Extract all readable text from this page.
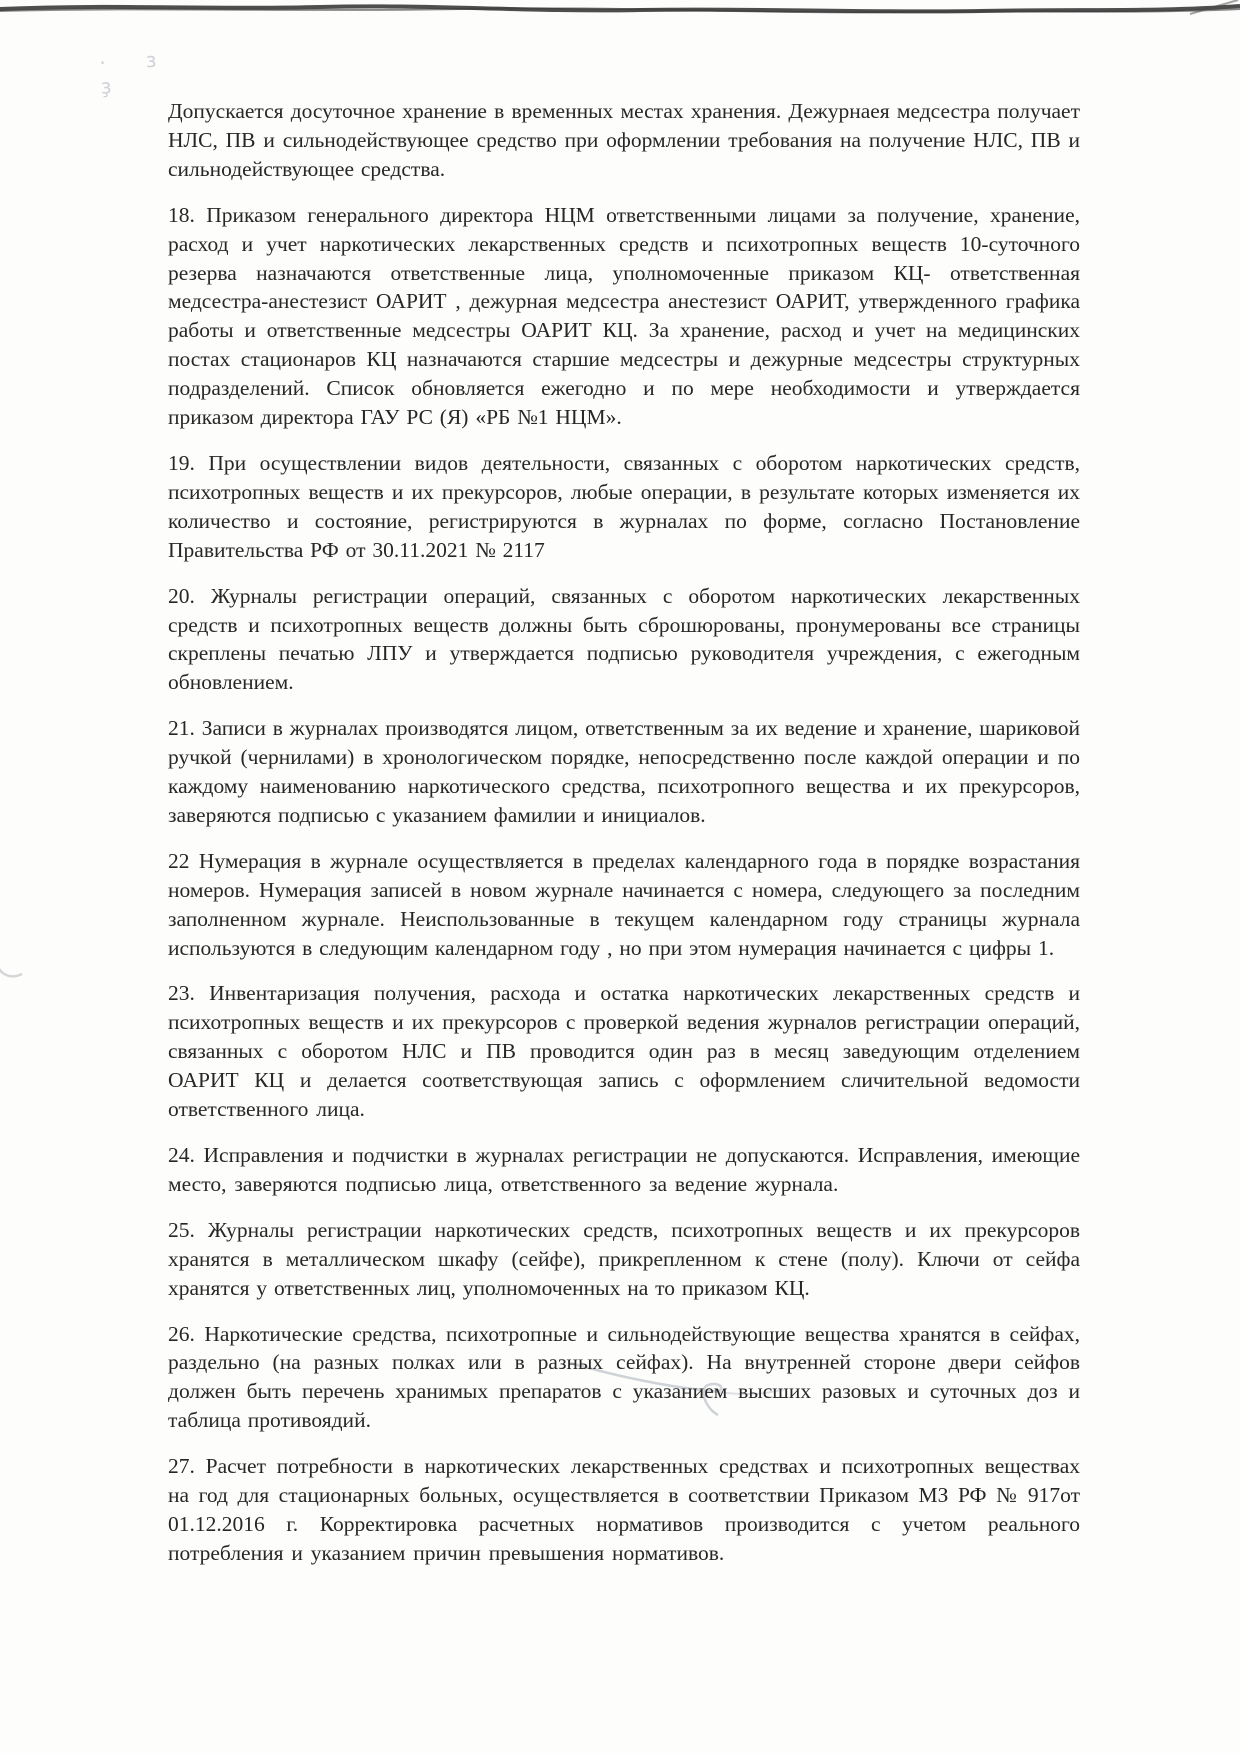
·ɜ ҙ

Допускается досуточное хранение в временных местах хранения. Дежурнаея медсестра получает НЛС, ПВ и сильнодействующее средство при оформлении требования на получение НЛС, ПВ и сильнодействующее средства.

18. Приказом генерального директора НЦМ ответственными лицами за получение, хранение, расход и учет наркотических лекарственных средств и психотропных веществ 10-суточного резерва назначаются ответственные лица, уполномоченные приказом КЦ- ответственная медсестра-анестезист ОАРИТ , дежурная медсестра анестезист ОАРИТ, утвержденного графика работы и ответственные медсестры ОАРИТ КЦ. За хранение, расход и учет на медицинских постах стационаров КЦ назначаются старшие медсестры и дежурные медсестры структурных подразделений. Список обновляется ежегодно и по мере необходимости и утверждается приказом директора ГАУ РС (Я) «РБ №1 НЦМ».

19. При осуществлении видов деятельности, связанных с оборотом наркотических средств, психотропных веществ и их прекурсоров, любые операции, в результате которых изменяется их количество и состояние, регистрируются в журналах по форме, согласно Постановление Правительства РФ от 30.11.2021 № 2117

20. Журналы регистрации операций, связанных с оборотом наркотических лекарственных средств и психотропных веществ должны быть сброшюрованы, пронумерованы все страницы скреплены печатью ЛПУ и утверждается подписью руководителя учреждения, с ежегодным обновлением.

21. Записи в журналах производятся лицом, ответственным за их ведение и хранение, шариковой ручкой (чернилами) в хронологическом порядке, непосредственно после каждой операции и по каждому наименованию наркотического средства, психотропного вещества и их прекурсоров, заверяются подписью с указанием фамилии и инициалов.

22 Нумерация в журнале осуществляется в пределах календарного года в порядке возрастания номеров. Нумерация записей в новом журнале начинается с номера, следующего за последним заполненном журнале. Неиспользованные в текущем календарном году страницы журнала используются в следующим календарном году , но при этом нумерация начинается с цифры 1.

23. Инвентаризация получения, расхода и остатка наркотических лекарственных средств и психотропных веществ и их прекурсоров с проверкой ведения журналов регистрации операций, связанных с оборотом НЛС и ПВ проводится один раз в месяц заведующим отделением ОАРИТ КЦ и делается соответствующая запись с оформлением сличительной ведомости ответственного лица.

24. Исправления и подчистки в журналах регистрации не допускаются. Исправления, имеющие место, заверяются подписью лица, ответственного за ведение журнала.

25. Журналы регистрации наркотических средств, психотропных веществ и их прекурсоров хранятся в металлическом шкафу (сейфе), прикрепленном к стене (полу). Ключи от сейфа хранятся у ответственных лиц, уполномоченных на то приказом КЦ.

26. Наркотические средства, психотропные и сильнодействующие вещества хранятся в сейфах, раздельно (на разных полках или в разных сейфах). На внутренней стороне двери сейфов должен быть перечень хранимых препаратов с указанием высших разовых и суточных доз и таблица противоядий.

27. Расчет потребности в наркотических лекарственных средствах и психотропных веществах на год для стационарных больных, осуществляется в соответствии Приказом МЗ РФ № 917от 01.12.2016 г. Корректировка расчетных нормативов производится с учетом реального потребления и указанием причин превышения нормативов.
